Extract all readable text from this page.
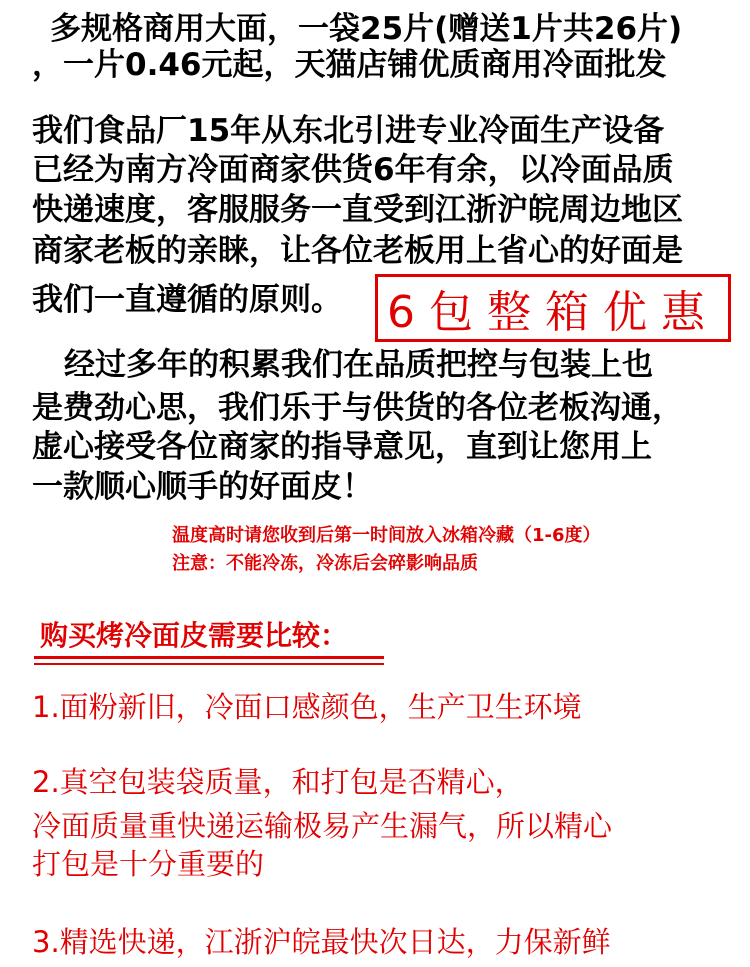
多规格商用大面，一袋25片(赠送1片共26片)
，一片0.46元起，天猫店铺优质商用冷面批发
我们食品厂15年从东北引进专业冷面生产设备
已经为南方冷面商家供货6年有余，以冷面品质
快递速度，客服服务一直受到江浙沪皖周边地区
商家老板的亲睐，让各位老板用上省心的好面是
我们一直遵循的原则。 6包整箱优惠
经过多年的积累我们在品质把控与包装上也
是费劲心思，我们乐于与供货的各位老板沟通，
虚心接受各位商家的指导意见，直到让您用上
一款顺心顺手的好面皮！
温度高时请您收到后第一时间放入冰箱冷藏（1-6度）
注意：不能冷冻，冷冻后会碎影响品质
购买烤冷面皮需要比较：
1.面粉新旧，冷面口感颜色，生产卫生环境
2.真空包装袋质量，和打包是否精心，
冷面质量重快递运输极易产生漏气，所以精心
打包是十分重要的
3.精选快递，江浙沪皖最快次日达，力保新鲜
